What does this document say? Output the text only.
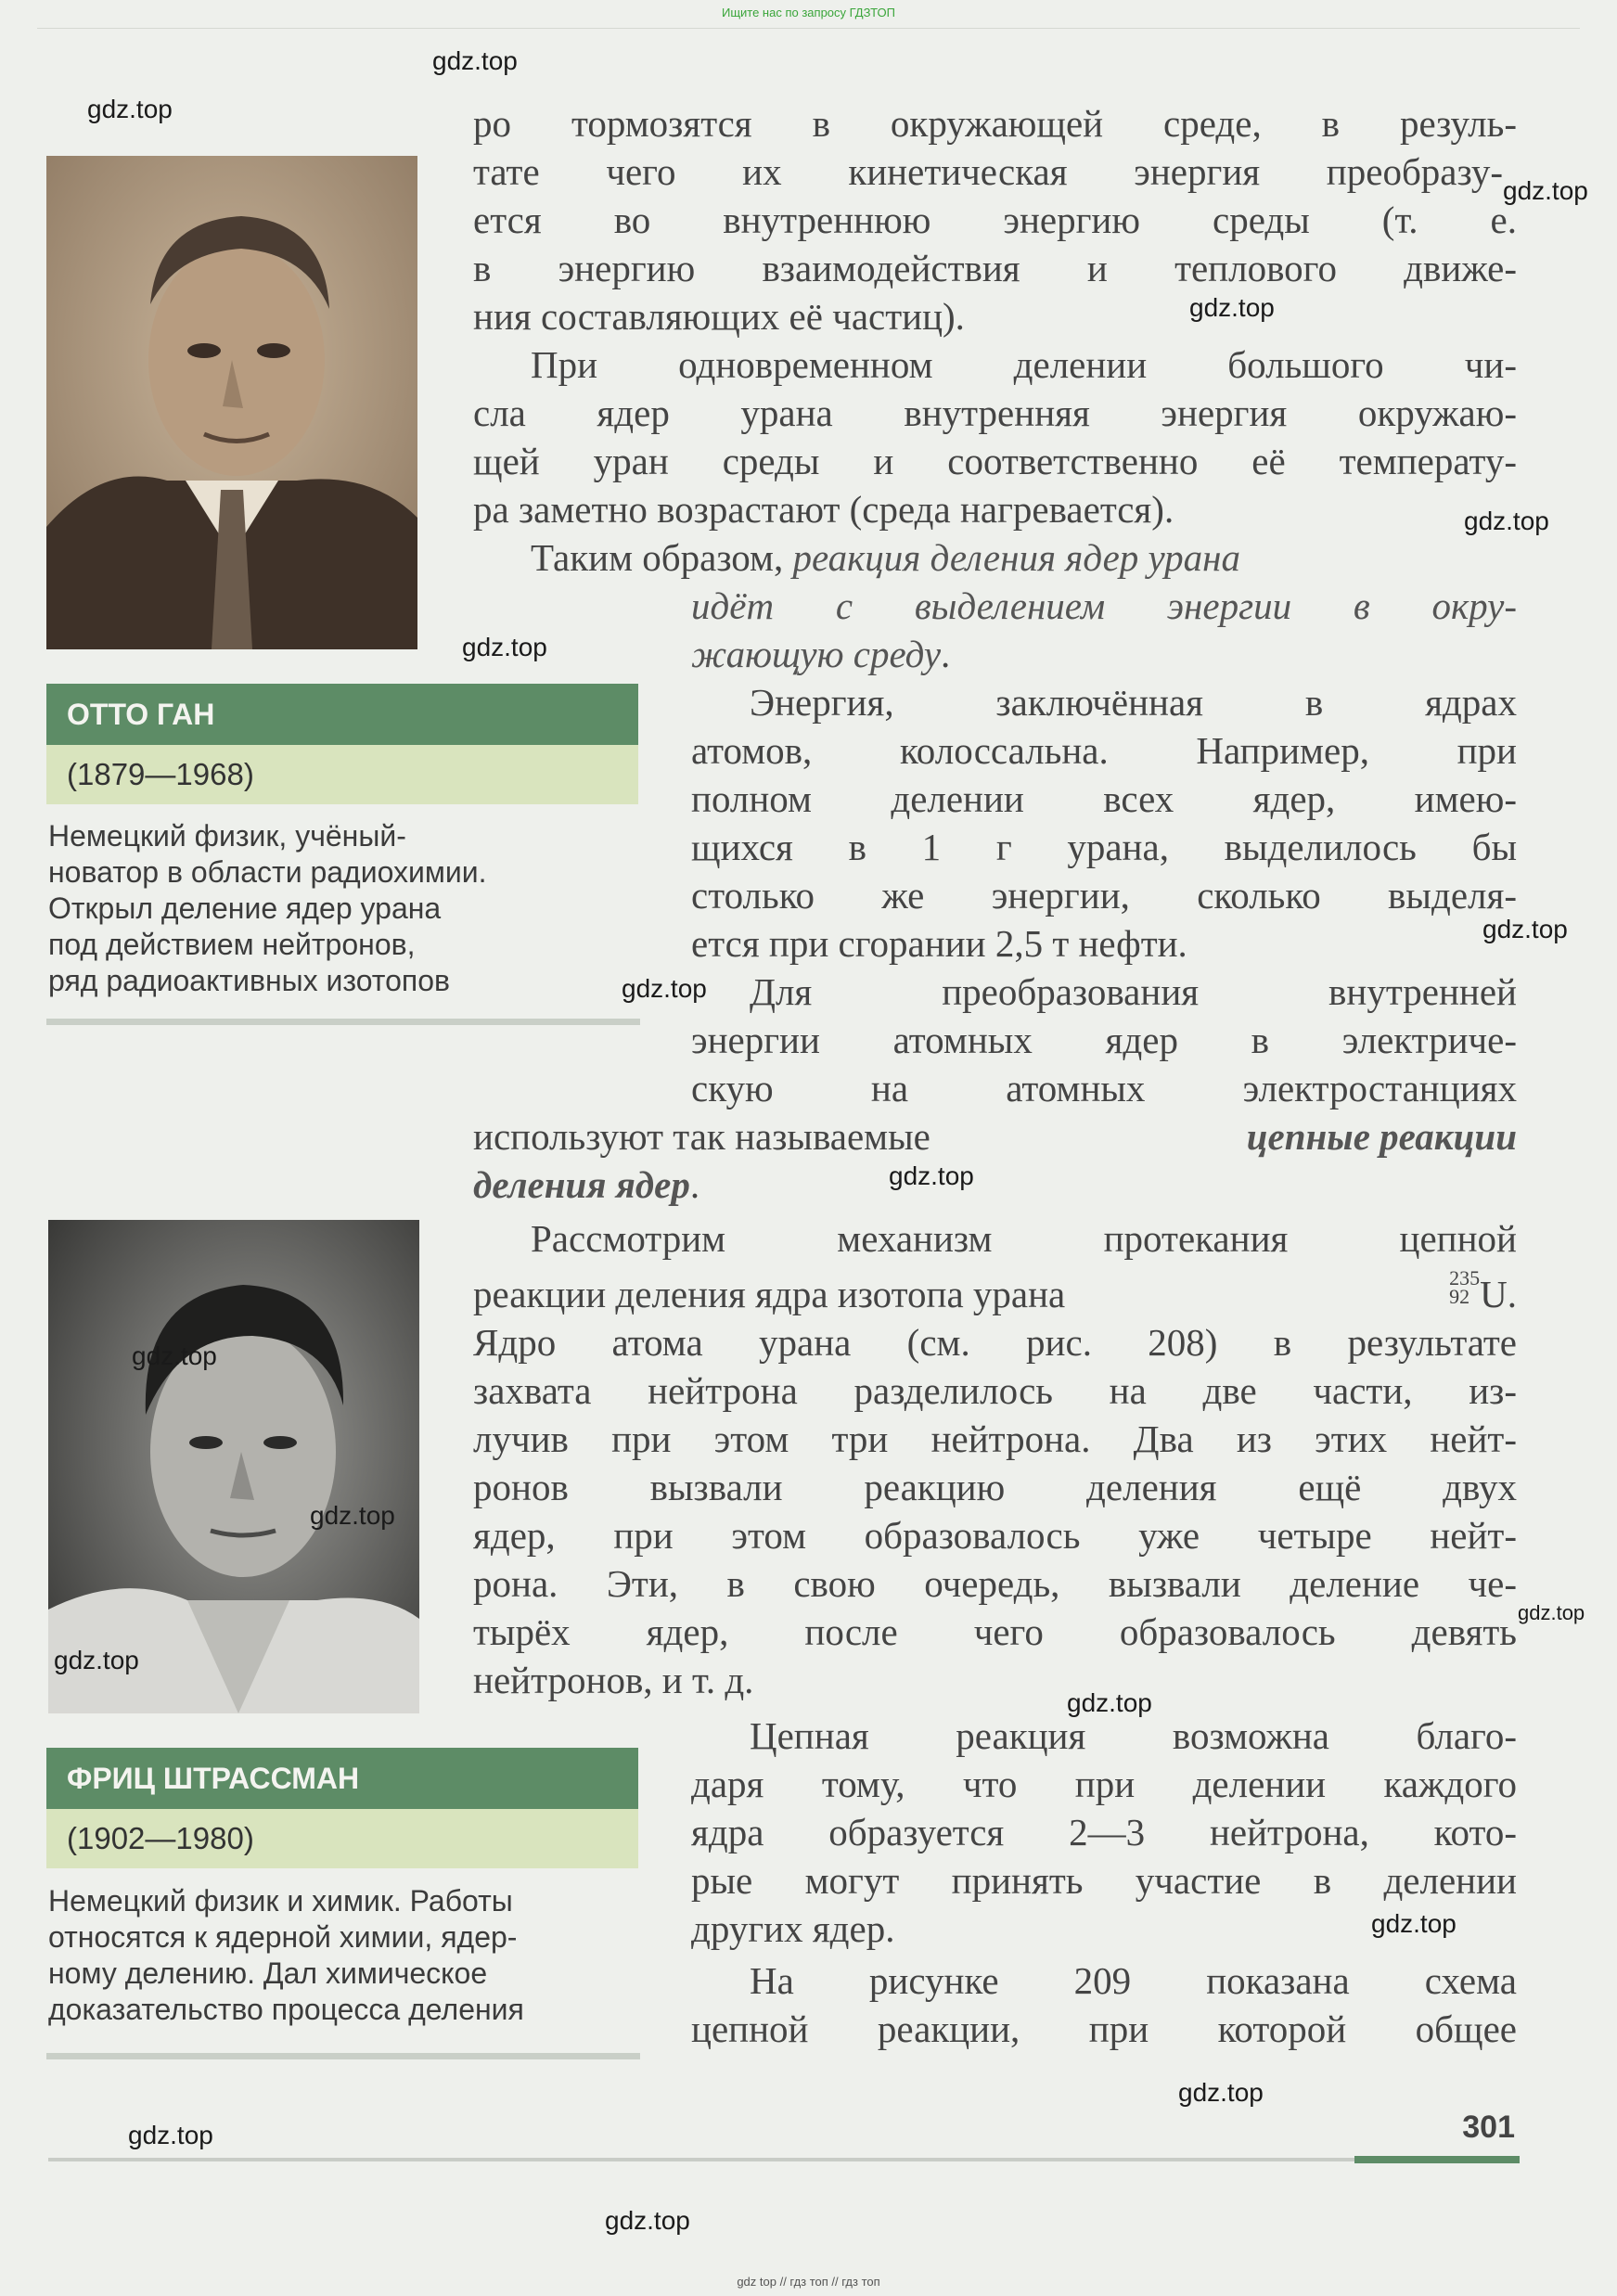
Ищите нас по запросу ГДЗТОП
ОТТО ГАН
(1879—1968)
Немецкий физик, учёный-
новатор в области радиохимии.
Открыл деление ядер урана
под действием нейтронов,
ряд радиоактивных изотопов
ФРИЦ ШТРАССМАН
(1902—1980)
Немецкий физик и химик. Работы
относятся к ядерной химии, ядер-
ному делению. Дал химическое
доказательство процесса деления
ро тормозятся в окружающей среде, в резуль-
тате чего их кинетическая энергия преобразу-
ется во внутреннюю энергию среды (т. е.
в энергию взаимодействия и теплового движе-
ния составляющих её частиц).
При одновременном делении большого чи-
сла ядер урана внутренняя энергия окружаю-
щей уран среды и соответственно её температу-
ра заметно возрастают (среда нагревается).
Таким образом, реакция деления ядер урана
идёт с выделением энергии в окру-
жающую среду.
Энергия, заключённая в ядрах
атомов, колоссальна. Например, при
полном делении всех ядер, имею-
щихся в 1 г урана, выделилось бы
столько же энергии, сколько выделя-
ется при сгорании 2,5 т нефти.
Для преобразования внутренней
энергии атомных ядер в электриче-
скую на атомных электростанциях
используют так называемые	цепные реакции
деления ядер.
Рассмотрим механизм протекания цепной
реакции деления ядра изотопа урана	235
92 U.
Ядро атома урана (см. рис. 208) в результате
захвата нейтрона разделилось на две части, из-
лучив при этом три нейтрона. Два из этих нейт-
ронов вызвали реакцию деления ещё двух
ядер, при этом образовалось уже четыре нейт-
рона. Эти, в свою очередь, вызвали деление че-
тырёх ядер, после чего образовалось девять
нейтронов, и т. д.
Цепная реакция возможна благо-
даря тому, что при делении каждого
ядра образуется 2—3 нейтрона, кото-
рые могут принять участие в делении
других ядер.
На рисунке 209 показана схема
цепной реакции, при которой общее
301
gdz.top
gdz.top
gdz.top
gdz.top
gdz.top
gdz.top
gdz.top
gdz.top
gdz.top
gdz.top
gdz.top
gdz.top
gdz.top
gdz.top
gdz.top
gdz.top
gdz.top
gdz.top
gdz top // гдз топ // гдз топ
